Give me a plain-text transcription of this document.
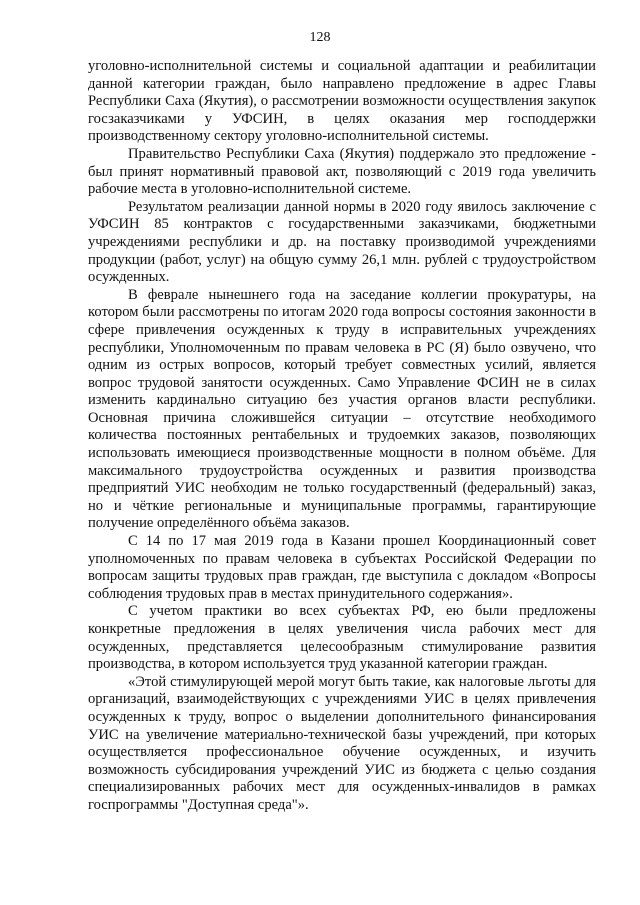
128

уголовно-исполнительной системы и социальной адаптации и реабилитации данной категории граждан, было направлено предложение в адрес Главы Республики Саха (Якутия), о рассмотрении возможности осуществления закупок госзаказчиками у УФСИН, в целях оказания мер господдержки производственному сектору уголовно-исполнительной системы.

Правительство Республики Саха (Якутия) поддержало это предложение - был принят нормативный правовой акт, позволяющий с 2019 года увеличить рабочие места в уголовно-исполнительной системе.

Результатом реализации данной нормы в 2020 году явилось заключение с УФСИН 85 контрактов с государственными заказчиками, бюджетными учреждениями республики и др. на поставку производимой учреждениями продукции (работ, услуг) на общую сумму 26,1 млн. рублей с трудоустройством осужденных.

В феврале нынешнего года на заседание коллегии прокуратуры, на котором были рассмотрены по итогам 2020 года вопросы состояния законности в сфере привлечения осужденных к труду в исправительных учреждениях республики, Уполномоченным по правам человека в РС (Я) было озвучено, что одним из острых вопросов, который требует совместных усилий, является вопрос трудовой занятости осужденных. Само Управление ФСИН не в силах изменить кардинально ситуацию без участия органов власти республики. Основная причина сложившейся ситуации – отсутствие необходимого количества постоянных рентабельных и трудоемких заказов, позволяющих использовать имеющиеся производственные мощности в полном объёме. Для максимального трудоустройства осужденных и развития производства предприятий УИС необходим не только государственный (федеральный) заказ, но и чёткие региональные и муниципальные программы, гарантирующие получение определённого объёма заказов.

С 14 по 17 мая 2019 года в Казани прошел Координационный совет уполномоченных по правам человека в субъектах Российской Федерации по вопросам защиты трудовых прав граждан, где выступила с докладом «Вопросы соблюдения трудовых прав в местах принудительного содержания».

С учетом практики во всех субъектах РФ, ею были предложены конкретные предложения в целях увеличения числа рабочих мест для осужденных, представляется целесообразным стимулирование развития производства, в котором используется труд указанной категории граждан.

«Этой стимулирующей мерой могут быть такие, как налоговые льготы для организаций, взаимодействующих с учреждениями УИС в целях привлечения осужденных к труду, вопрос о выделении дополнительного финансирования УИС на увеличение материально-технической базы учреждений, при которых осуществляется профессиональное обучение осужденных, и изучить возможность субсидирования учреждений УИС из бюджета с целью создания специализированных рабочих мест для осужденных-инвалидов в рамках госпрограммы "Доступная среда"».
